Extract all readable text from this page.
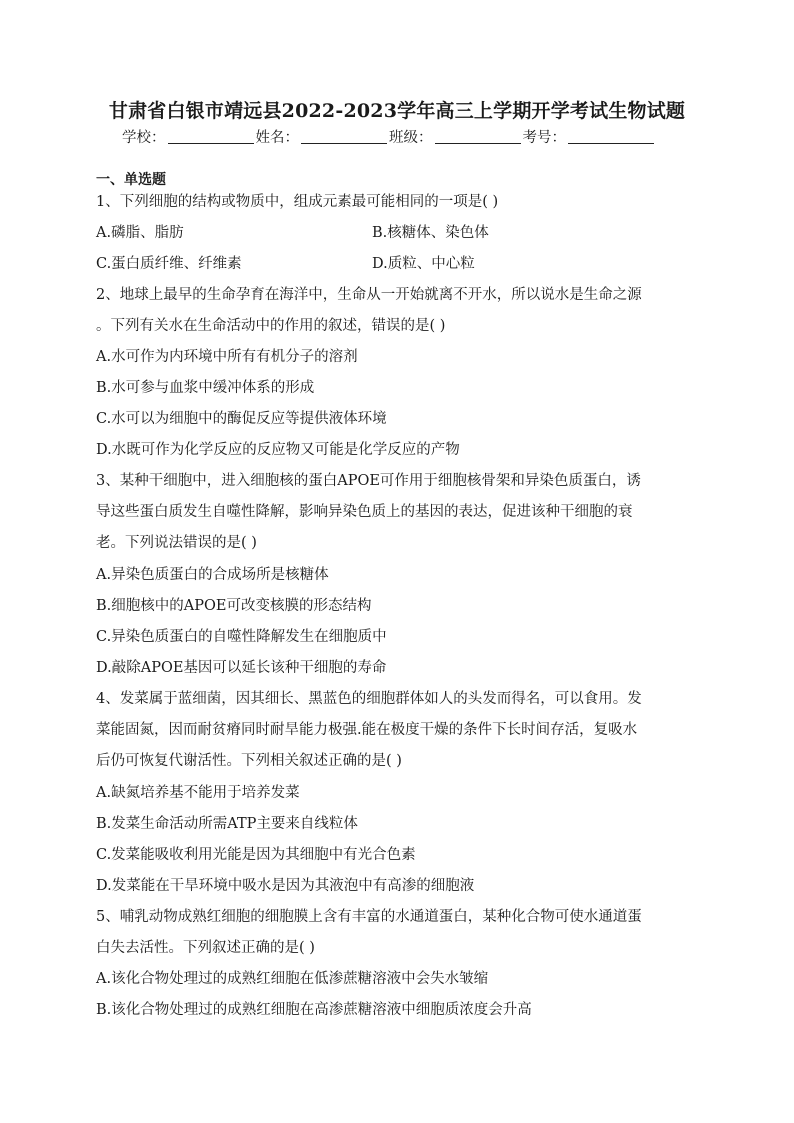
甘肃省白银市靖远县2022-2023学年高三上学期开学考试生物试题
学校：	姓名：	班级：	考号：
一、单选题
1、下列细胞的结构或物质中，组成元素最可能相同的一项是( )
A.磷脂、脂肪	B.核糖体、染色体
C.蛋白质纤维、纤维素	D.质粒、中心粒
2、地球上最早的生命孕育在海洋中，生命从一开始就离不开水，所以说水是生命之源
。下列有关水在生命活动中的作用的叙述，错误的是( )
A.水可作为内环境中所有有机分子的溶剂
B.水可参与血浆中缓冲体系的形成
C.水可以为细胞中的酶促反应等提供液体环境
D.水既可作为化学反应的反应物又可能是化学反应的产物
3、某种干细胞中，进入细胞核的蛋白APOE可作用于细胞核骨架和异染色质蛋白，诱
导这些蛋白质发生自噬性降解，影响异染色质上的基因的表达，促进该种干细胞的衰
老。下列说法错误的是( )
A.异染色质蛋白的合成场所是核糖体
B.细胞核中的APOE可改变核膜的形态结构
C.异染色质蛋白的自噬性降解发生在细胞质中
D.敲除APOE基因可以延长该种干细胞的寿命
4、发菜属于蓝细菌，因其细长、黑蓝色的细胞群体如人的头发而得名，可以食用。发
菜能固氮，因而耐贫瘠同时耐旱能力极强.能在极度干燥的条件下长时间存活，复吸水
后仍可恢复代谢活性。下列相关叙述正确的是( )
A.缺氮培养基不能用于培养发菜
B.发菜生命活动所需ATP主要来自线粒体
C.发菜能吸收利用光能是因为其细胞中有光合色素
D.发菜能在干旱环境中吸水是因为其液泡中有高渗的细胞液
5、哺乳动物成熟红细胞的细胞膜上含有丰富的水通道蛋白，某种化合物可使水通道蛋
白失去活性。下列叙述正确的是( )
A.该化合物处理过的成熟红细胞在低渗蔗糖溶液中会失水皱缩
B.该化合物处理过的成熟红细胞在高渗蔗糖溶液中细胞质浓度会升高
